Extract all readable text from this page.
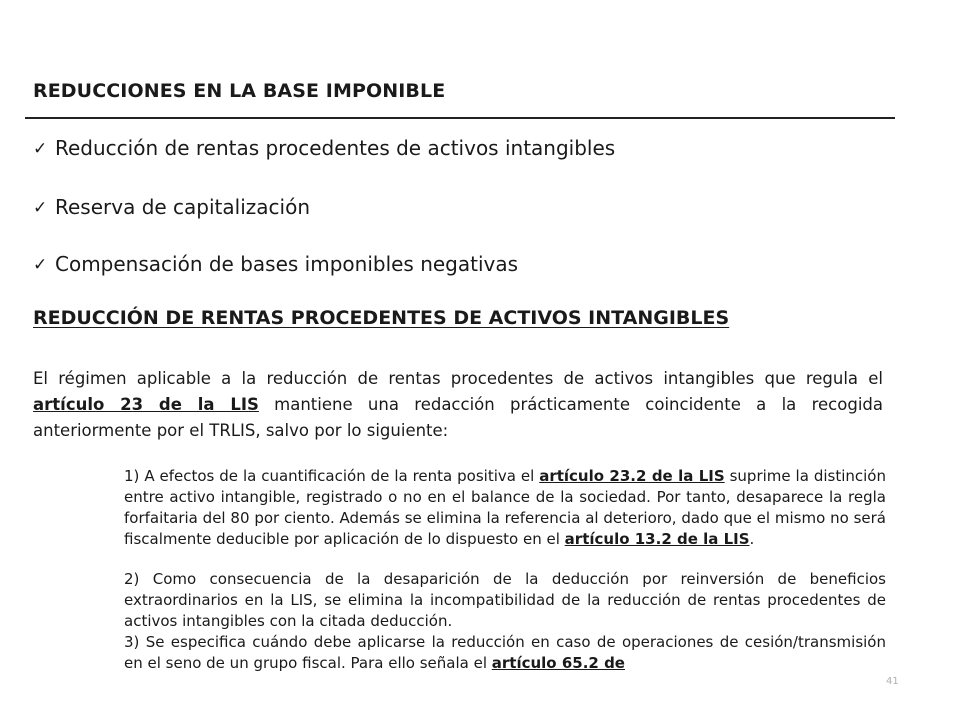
REDUCCIONES EN LA BASE IMPONIBLE
✓ Reducción de rentas procedentes de activos intangibles
✓ Reserva de capitalización
✓ Compensación de bases imponibles negativas
REDUCCIÓN DE RENTAS PROCEDENTES DE ACTIVOS INTANGIBLES
El régimen aplicable a la reducción de rentas procedentes de activos intangibles que regula el artículo 23 de la LIS mantiene una redacción prácticamente coincidente a la recogida anteriormente por el TRLIS, salvo por lo siguiente:

1) A efectos de la cuantificación de la renta positiva el artículo 23.2 de la LIS suprime la distinción entre activo intangible, registrado o no en el balance de la sociedad. Por tanto, desaparece la regla forfaitaria del 80 por ciento. Además se elimina la referencia al deterioro, dado que el mismo no será fiscalmente deducible por aplicación de lo dispuesto en el artículo 13.2 de la LIS.

2) Como consecuencia de la desaparición de la deducción por reinversión de beneficios extraordinarios en la LIS, se elimina la incompatibilidad de la reducción de rentas procedentes de activos intangibles con la citada deducción.

3) Se especifica cuándo debe aplicarse la reducción en caso de operaciones de cesión/transmisión en el seno de un grupo fiscal. Para ello señala el artículo 65.2 de

41
